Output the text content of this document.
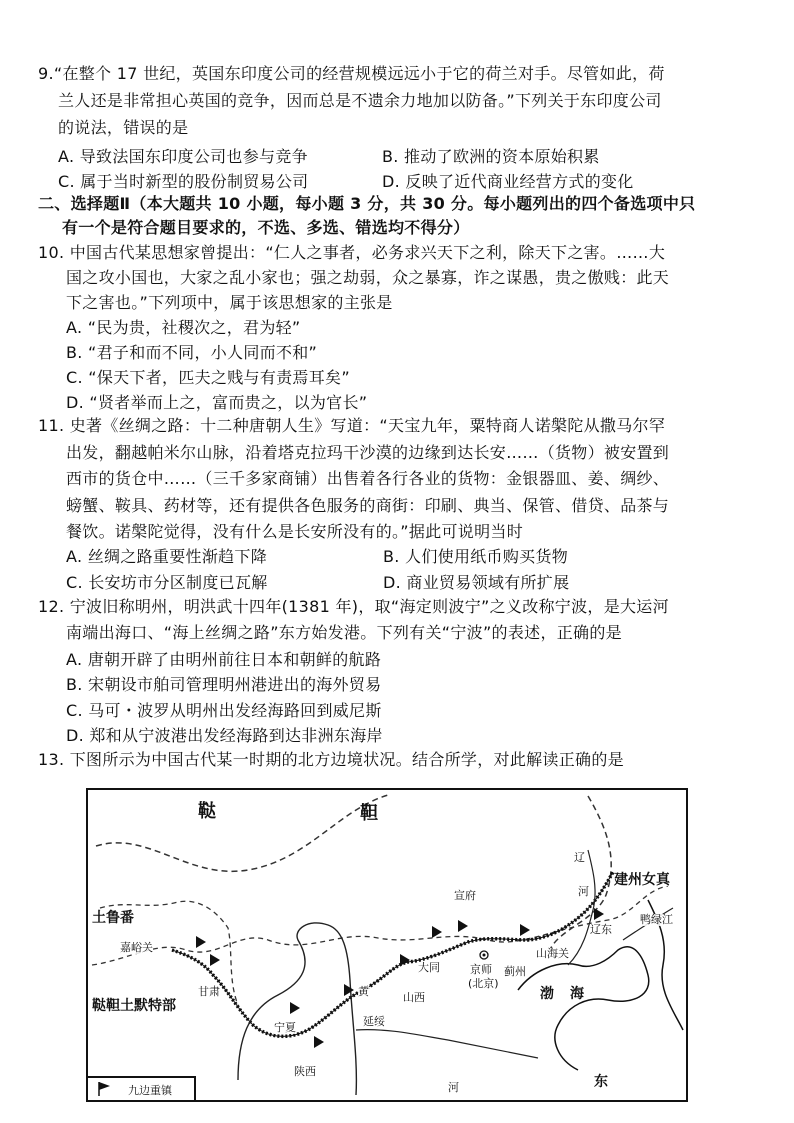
9.“在整个 17 世纪，英国东印度公司的经营规模远远小于它的荷兰对手。尽管如此，荷
兰人还是非常担心英国的竞争，因而总是不遗余力地加以防备。”下列关于东印度公司
的说法，错误的是
A. 导致法国东印度公司也参与竞争	B. 推动了欧洲的资本原始积累
C. 属于当时新型的股份制贸易公司	D. 反映了近代商业经营方式的变化
二、选择题Ⅱ（本大题共 10 小题，每小题 3 分，共 30 分。每小题列出的四个备选项中只
有一个是符合题目要求的，不选、多选、错选均不得分）
10. 中国古代某思想家曾提出：“仁人之事者，必务求兴天下之利，除天下之害。……大
国之攻小国也，大家之乱小家也；强之劫弱，众之暴寡，诈之谋愚，贵之傲贱：此天
下之害也。”下列项中，属于该思想家的主张是
A. “民为贵，社稷次之，君为轻”
B. “君子和而不同，小人同而不和”
C. “保天下者，匹夫之贱与有责焉耳矣”
D. “贤者举而上之，富而贵之，以为官长”
11. 史著《丝绸之路：十二种唐朝人生》写道：“天宝九年，粟特商人诺槃陀从撒马尔罕
出发，翻越帕米尔山脉，沿着塔克拉玛干沙漠的边缘到达长安……（货物）被安置到
西市的货仓中……（三千多家商铺）出售着各行各业的货物：金银器皿、姜、绸纱、
螃蟹、鞍具、药材等，还有提供各色服务的商街：印刷、典当、保管、借贷、品茶与
餐饮。诺槃陀觉得，没有什么是长安所没有的。”据此可说明当时
A. 丝绸之路重要性渐趋下降	B. 人们使用纸币购买货物
C. 长安坊市分区制度已瓦解	D. 商业贸易领域有所扩展
12. 宁波旧称明州，明洪武十四年(1381 年)，取“海定则波宁”之义改称宁波，是大运河
南端出海口、“海上丝绸之路”东方始发港。下列有关“宁波”的表述，正确的是
A. 唐朝开辟了由明州前往日本和朝鲜的航路
B. 宋朝设市舶司管理明州港进出的海外贸易
C. 马可・波罗从明州出发经海路回到威尼斯
D. 郑和从宁波港出发经海路到达非洲东海岸
13. 下图所示为中国古代某一时期的北方边境状况。结合所学，对此解读正确的是
鞑	靼
土鲁番
鞑靼土默特部
嘉峪关
甘肃
宁夏	延绥
陕西
山西
大同
宣府
京师
(北京)
蓟州
山海关
辽东
渤 海
辽
河
建州女真
鸭绿江
河	东
黄
九边重镇
